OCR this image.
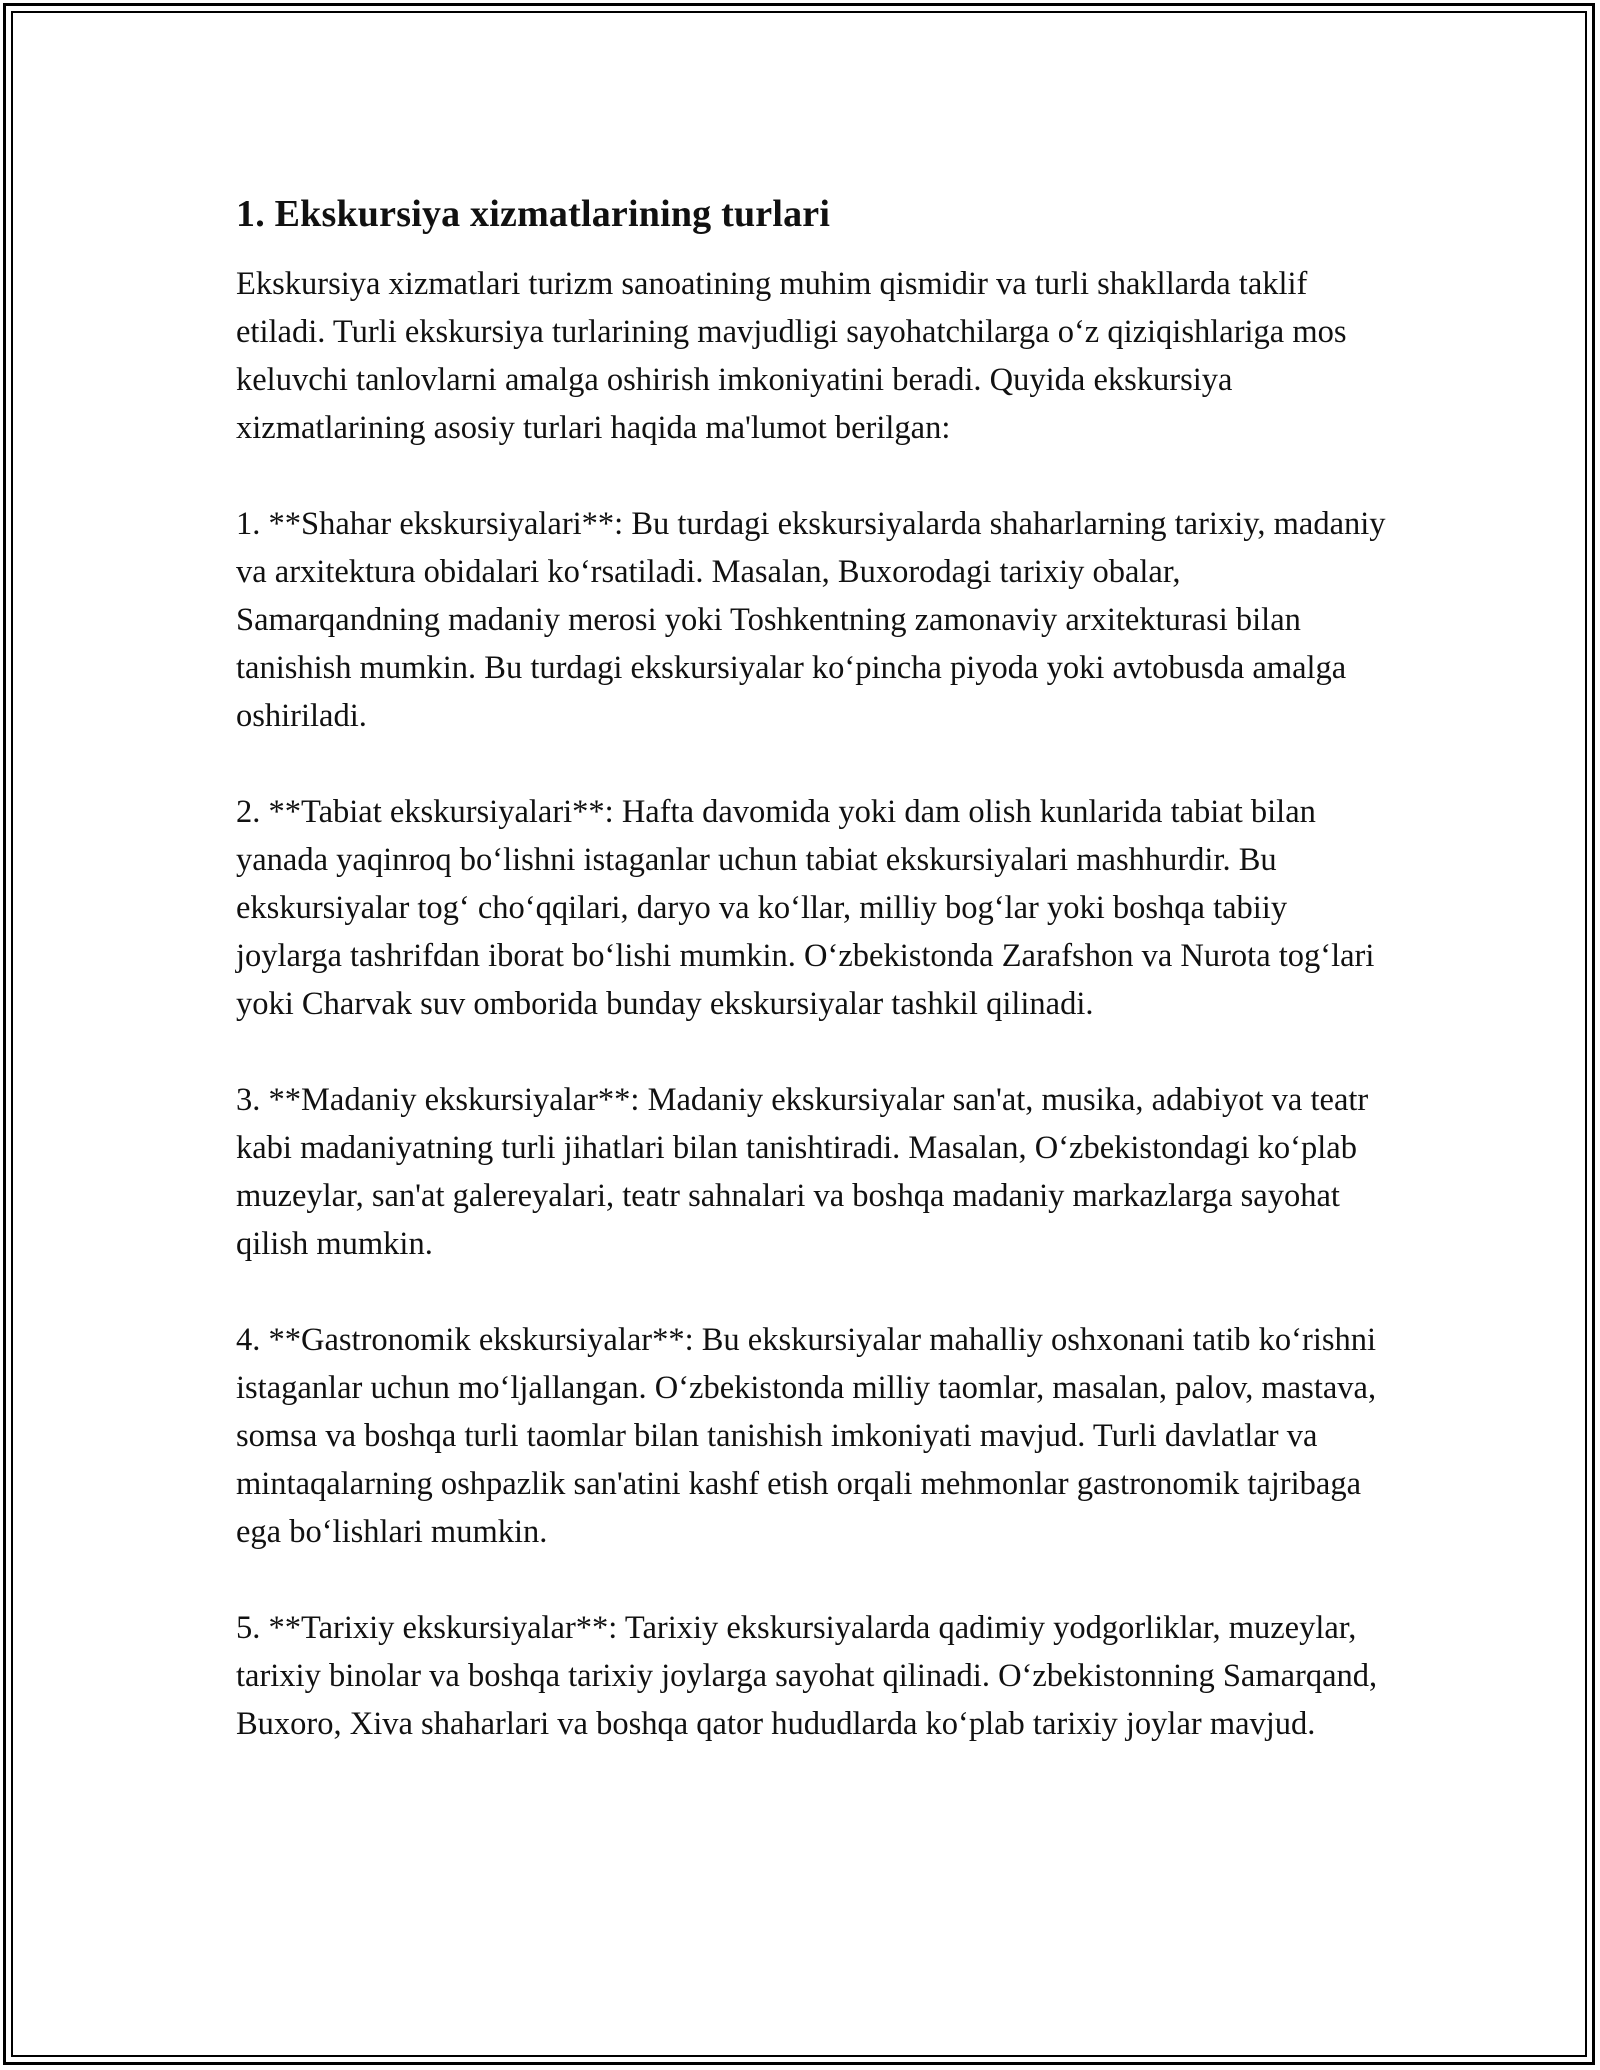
1. Ekskursiya xizmatlarining turlari

Ekskursiya xizmatlari turizm sanoatining muhim qismidir va turli shakllarda taklif etiladi. Turli ekskursiya turlarining mavjudligi sayohatchilarga o‘z qiziqishlariga mos keluvchi tanlovlarni amalga oshirish imkoniyatini beradi. Quyida ekskursiya xizmatlarining asosiy turlari haqida ma'lumot berilgan:

1. **Shahar ekskursiyalari**: Bu turdagi ekskursiyalarda shaharlarning tarixiy, madaniy va arxitektura obidalari ko‘rsatiladi. Masalan, Buxorodagi tarixiy obalar, Samarqandning madaniy merosi yoki Toshkentning zamonaviy arxitekturasi bilan tanishish mumkin. Bu turdagi ekskursiyalar ko‘pincha piyoda yoki avtobusda amalga oshiriladi.

2. **Tabiat ekskursiyalari**: Hafta davomida yoki dam olish kunlarida tabiat bilan yanada yaqinroq bo‘lishni istaganlar uchun tabiat ekskursiyalari mashhurdir. Bu ekskursiyalar tog‘ cho‘qqilari, daryo va ko‘llar, milliy bog‘lar yoki boshqa tabiiy joylarga tashrifdan iborat bo‘lishi mumkin. O‘zbekistonda Zarafshon va Nurota tog‘lari yoki Charvak suv omborida bunday ekskursiyalar tashkil qilinadi.

3. **Madaniy ekskursiyalar**: Madaniy ekskursiyalar san'at, musika, adabiyot va teatr kabi madaniyatning turli jihatlari bilan tanishtiradi. Masalan, O‘zbekistondagi ko‘plab muzeylar, san'at galereyalari, teatr sahnalari va boshqa madaniy markazlarga sayohat qilish mumkin.

4. **Gastronomik ekskursiyalar**: Bu ekskursiyalar mahalliy oshxonani tatib ko‘rishni istaganlar uchun mo‘ljallangan. O‘zbekistonda milliy taomlar, masalan, palov, mastava, somsa va boshqa turli taomlar bilan tanishish imkoniyati mavjud. Turli davlatlar va mintaqalarning oshpazlik san'atini kashf etish orqali mehmonlar gastronomik tajribaga ega bo‘lishlari mumkin.

5. **Tarixiy ekskursiyalar**: Tarixiy ekskursiyalarda qadimiy yodgorliklar, muzeylar, tarixiy binolar va boshqa tarixiy joylarga sayohat qilinadi. O‘zbekistonning Samarqand, Buxoro, Xiva shaharlari va boshqa qator hududlarda ko‘plab tarixiy joylar mavjud.
